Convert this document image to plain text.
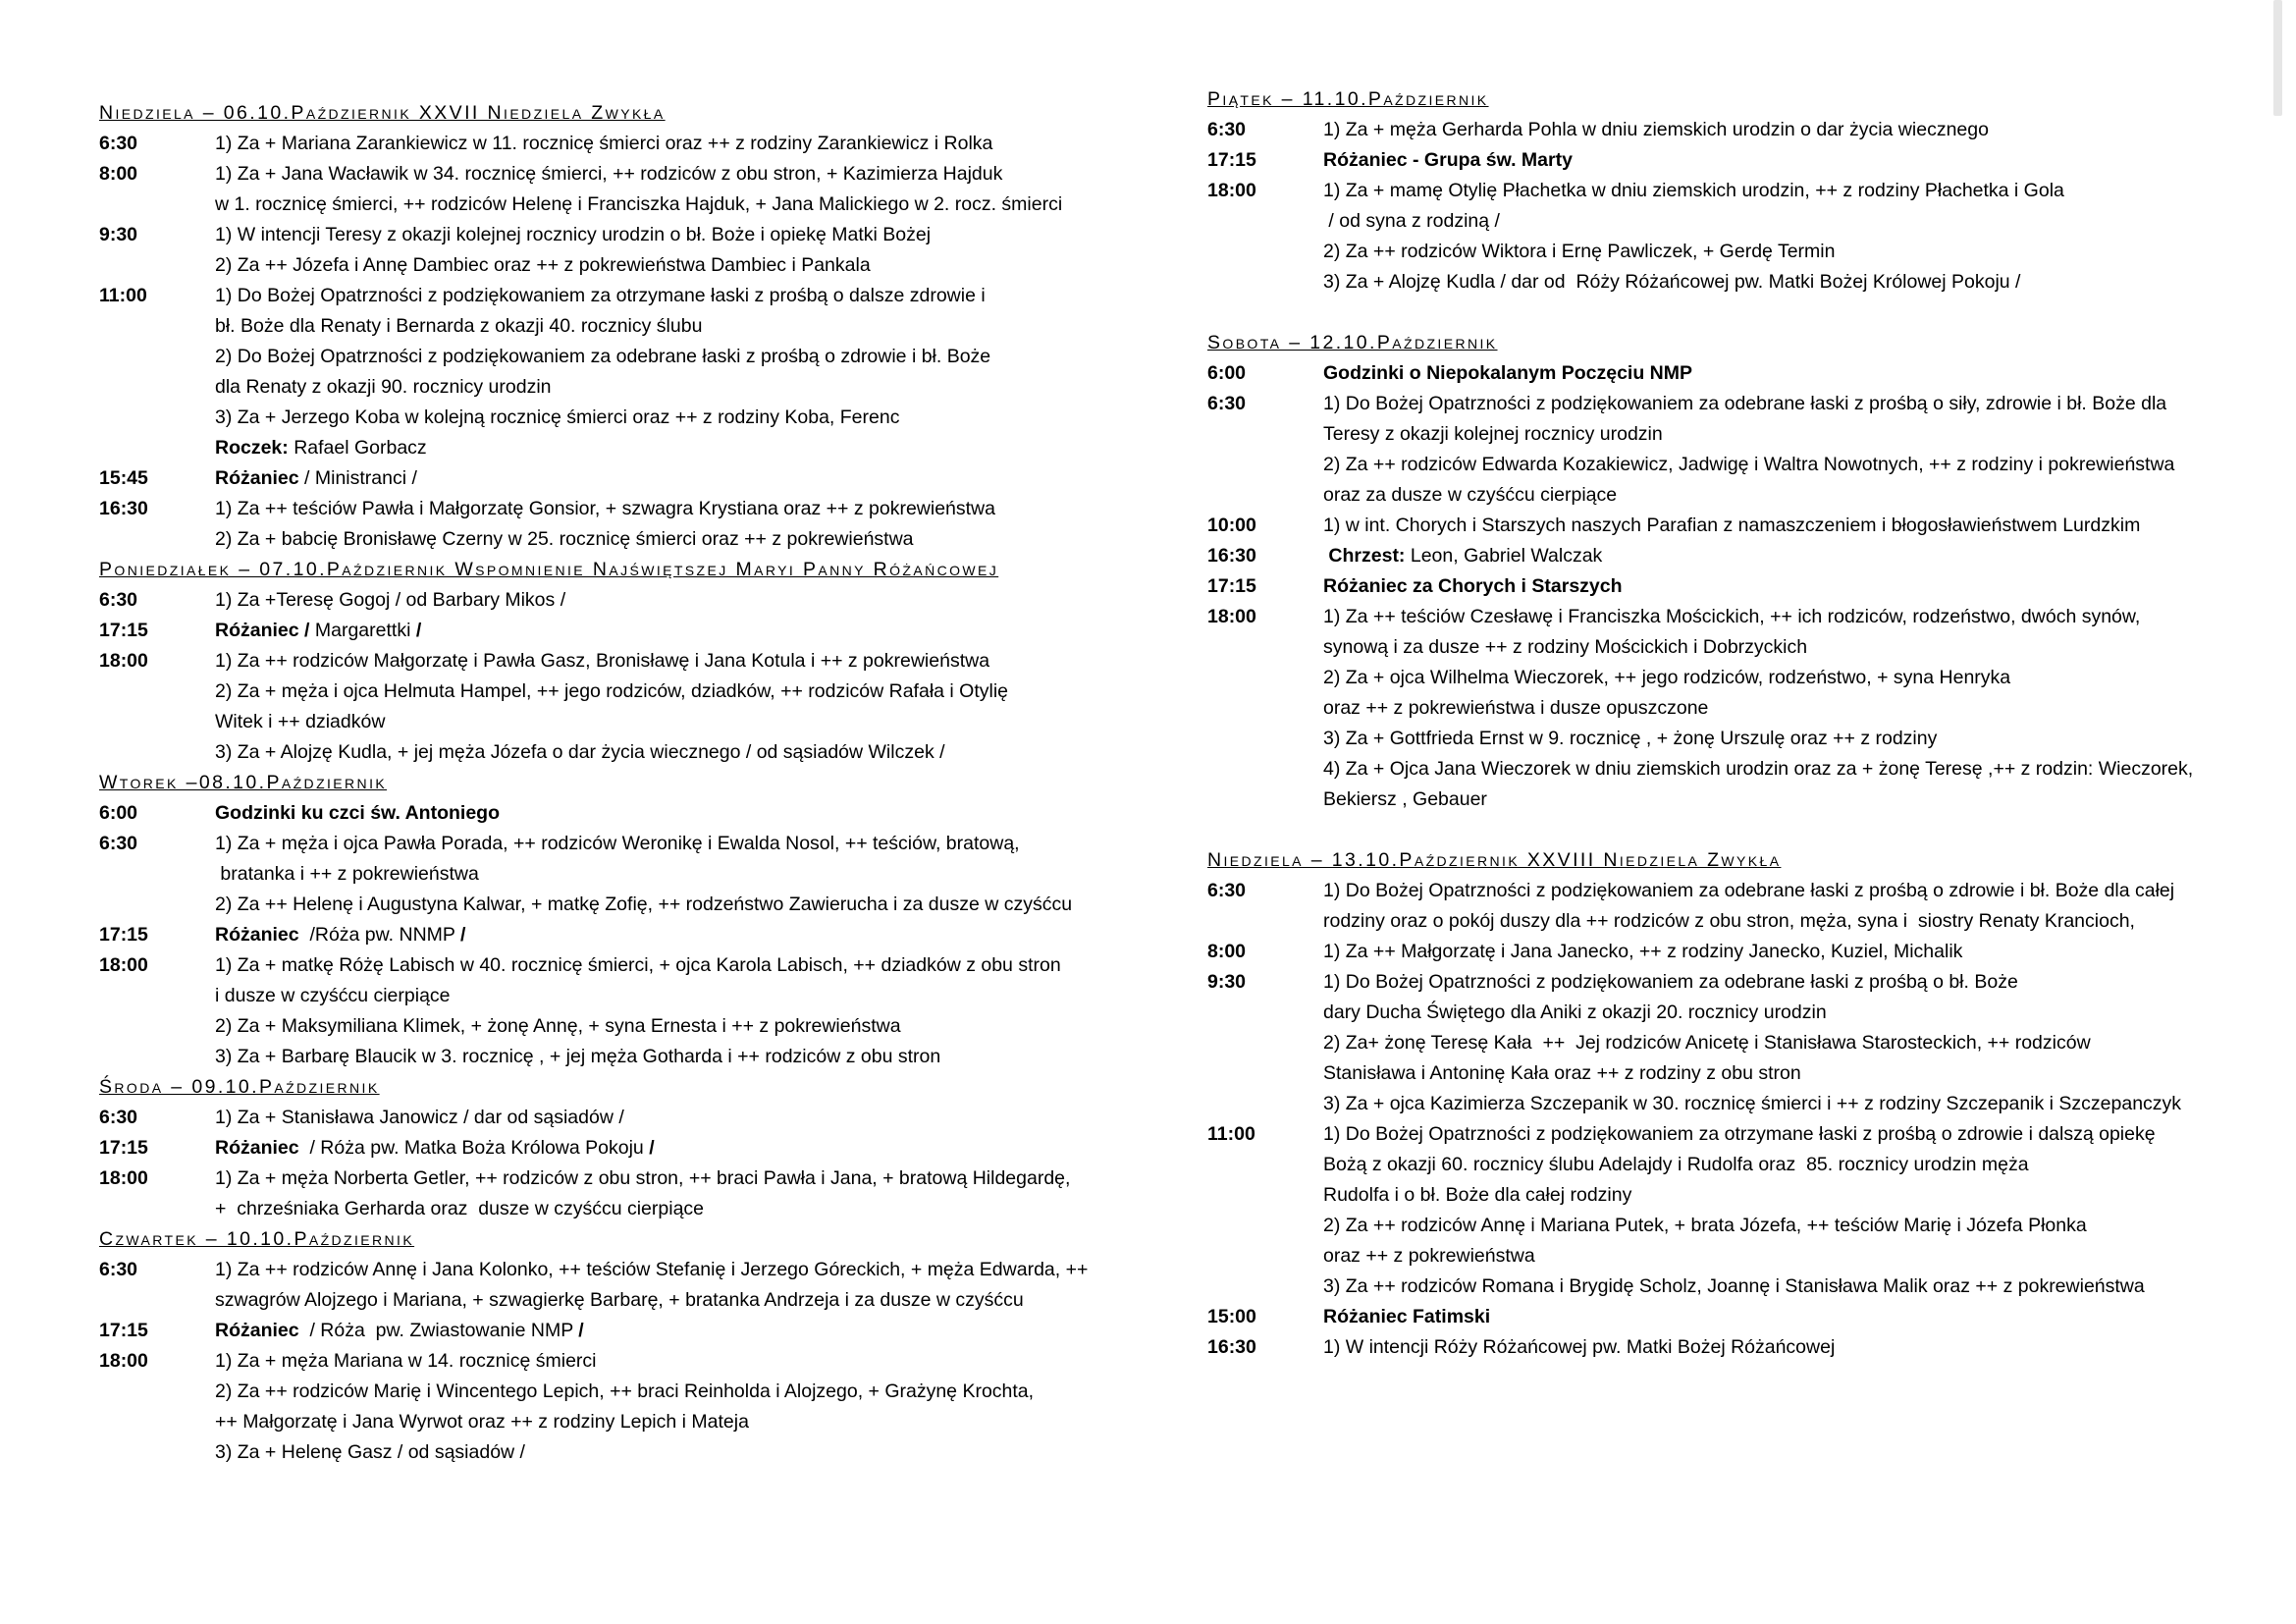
Niedziela – 06.10.Październik XXVII Niedziela Zwykła
6:30	1) Za + Mariana Zarankiewicz w 11. rocznicę śmierci oraz ++ z rodziny Zarankiewicz i Rolka
8:00	1) Za + Jana Wacławik w 34. rocznicę śmierci, ++ rodziców z obu stron, + Kazimierza Hajduk
w 1. rocznicę śmierci, ++ rodziców Helenę i Franciszka Hajduk, + Jana Malickiego w 2. rocz. śmierci
9:30	1) W intencji Teresy z okazji kolejnej rocznicy urodzin o bł. Boże i opiekę Matki Bożej
2) Za ++ Józefa i Annę Dambiec oraz ++ z pokrewieństwa Dambiec i Pankala
11:00	1) Do Bożej Opatrzności z podziękowaniem za otrzymane łaski z prośbą o dalsze zdrowie i
bł. Boże dla Renaty i Bernarda z okazji 40. rocznicy ślubu
2) Do Bożej Opatrzności z podziękowaniem za odebrane łaski z prośbą o zdrowie i bł. Boże
dla Renaty z okazji 90. rocznicy urodzin
3) Za + Jerzego Koba w kolejną rocznicę śmierci oraz ++ z rodziny Koba, Ferenc
Roczek: Rafael Gorbacz
15:45	Różaniec / Ministranci /
16:30	1) Za ++ teściów Pawła i Małgorzatę Gonsior, + szwagra Krystiana oraz ++ z pokrewieństwa
2) Za + babcię Bronisławę Czerny w 25. rocznicę śmierci oraz ++ z pokrewieństwa
Poniedziałek – 07.10.Październik Wspomnienie Najświętszej Maryi Panny Różańcowej
6:30	1) Za +Teresę Gogoj / od Barbary Mikos /
17:15	Różaniec / Margarettki /
18:00	1) Za ++ rodziców Małgorzatę i Pawła Gasz, Bronisławę i Jana Kotula i ++ z pokrewieństwa
2) Za + męża i ojca Helmuta Hampel, ++ jego rodziców, dziadków, ++ rodziców Rafała i Otylię
Witek i ++ dziadków
3) Za + Alojzę Kudla, + jej męża Józefa o dar życia wiecznego / od sąsiadów Wilczek /
Wtorek –08.10.Październik
6:00	Godzinki ku czci św. Antoniego
6:30	1) Za + męża i ojca Pawła Porada, ++ rodziców Weronikę i Ewalda Nosol, ++ teściów, bratową,
bratanka i ++ z pokrewieństwa
2) Za ++ Helenę i Augustyna Kalwar, + matkę Zofię, ++ rodzeństwo Zawierucha i za dusze w czyśćcu
17:15	Różaniec  /Róża pw. NNMP /
18:00	1) Za + matkę Różę Labisch w 40. rocznicę śmierci, + ojca Karola Labisch, ++ dziadków z obu stron
i dusze w czyśćcu cierpiące
2) Za + Maksymiliana Klimek, + żonę Annę, + syna Ernesta i ++ z pokrewieństwa
3) Za + Barbarę Blaucik w 3. rocznicę , + jej męża Gotharda i ++ rodziców z obu stron
Środa – 09.10.Październik
6:30	1) Za + Stanisława Janowicz / dar od sąsiadów /
17:15	Różaniec  / Róża pw. Matka Boża Królowa Pokoju /
18:00	1) Za + męża Norberta Getler, ++ rodziców z obu stron, ++ braci Pawła i Jana, + bratową Hildegardę,
+  chrześniaka Gerharda oraz  dusze w czyśćcu cierpiące
Czwartek – 10.10.Październik
6:30	1) Za ++ rodziców Annę i Jana Kolonko, ++ teściów Stefanię i Jerzego Góreckich, + męża Edwarda, ++
szwagrów Alojzego i Mariana, + szwagierkę Barbarę, + bratanka Andrzeja i za dusze w czyśćcu
17:15	Różaniec  / Róża  pw. Zwiastowanie NMP /
18:00	1) Za + męża Mariana w 14. rocznicę śmierci
2) Za ++ rodziców Marię i Wincentego Lepich, ++ braci Reinholda i Alojzego, + Grażynę Krochta,
++ Małgorzatę i Jana Wyrwot oraz ++ z rodziny Lepich i Mateja
3) Za + Helenę Gasz / od sąsiadów /
Piątek – 11.10.Październik
6:30	1) Za + męża Gerharda Pohla w dniu ziemskich urodzin o dar życia wiecznego
17:15	Różaniec - Grupa św. Marty
18:00	1) Za + mamę Otylię Płachetka w dniu ziemskich urodzin, ++ z rodziny Płachetka i Gola
/ od syna z rodziną /
2) Za ++ rodziców Wiktora i Ernę Pawliczek, + Gerdę Termin
3) Za + Alojzę Kudla / dar od  Róży Różańcowej pw. Matki Bożej Królowej Pokoju /
Sobota – 12.10.Październik
6:00	Godzinki o Niepokalanym Poczęciu NMP
6:30	1) Do Bożej Opatrzności z podziękowaniem za odebrane łaski z prośbą o siły, zdrowie i bł. Boże dla
Teresy z okazji kolejnej rocznicy urodzin
2) Za ++ rodziców Edwarda Kozakiewicz, Jadwigę i Waltra Nowotnych, ++ z rodziny i pokrewieństwa
oraz za dusze w czyśćcu cierpiące
10:00	1) w int. Chorych i Starszych naszych Parafian z namaszczeniem i błogosławieństwem Lurdzkim
16:30	Chrzest: Leon, Gabriel Walczak
17:15	Różaniec za Chorych i Starszych
18:00	1) Za ++ teściów Czesławę i Franciszka Mościckich, ++ ich rodziców, rodzeństwo, dwóch synów,
synową i za dusze ++ z rodziny Mościckich i Dobrzyckich
2) Za + ojca Wilhelma Wieczorek, ++ jego rodziców, rodzeństwo, + syna Henryka
oraz ++ z pokrewieństwa i dusze opuszczone
3) Za + Gottfrieda Ernst w 9. rocznicę , + żonę Urszulę oraz ++ z rodziny
4) Za + Ojca Jana Wieczorek w dniu ziemskich urodzin oraz za + żonę Teresę ,++ z rodzin: Wieczorek,
Bekiersz , Gebauer
Niedziela – 13.10.Październik XXVIII Niedziela Zwykła
6:30	1) Do Bożej Opatrzności z podziękowaniem za odebrane łaski z prośbą o zdrowie i bł. Boże dla całej
rodziny oraz o pokój duszy dla ++ rodziców z obu stron, męża, syna i  siostry Renaty Krancioch,
8:00	1) Za ++ Małgorzatę i Jana Janecko, ++ z rodziny Janecko, Kuziel, Michalik
9:30	1) Do Bożej Opatrzności z podziękowaniem za odebrane łaski z prośbą o bł. Boże
dary Ducha Świętego dla Aniki z okazji 20. rocznicy urodzin
2) Za+ żonę Teresę Kała  ++  Jej rodziców Anicetę i Stanisława Starosteckich, ++ rodziców
Stanisława i Antoninę Kała oraz ++ z rodziny z obu stron
3) Za + ojca Kazimierza Szczepanik w 30. rocznicę śmierci i ++ z rodziny Szczepanik i Szczepanczyk
11:00	1) Do Bożej Opatrzności z podziękowaniem za otrzymane łaski z prośbą o zdrowie i dalszą opiekę
Bożą z okazji 60. rocznicy ślubu Adelajdy i Rudolfa oraz  85. rocznicy urodzin męża
Rudolfa i o bł. Boże dla całej rodziny
2) Za ++ rodziców Annę i Mariana Putek, + brata Józefa, ++ teściów Marię i Józefa Płonka
oraz ++ z pokrewieństwa
3) Za ++ rodziców Romana i Brygidę Scholz, Joannę i Stanisława Malik oraz ++ z pokrewieństwa
15:00	Różaniec Fatimski
16:30	1) W intencji Róży Różańcowej pw. Matki Bożej Różańcowej
